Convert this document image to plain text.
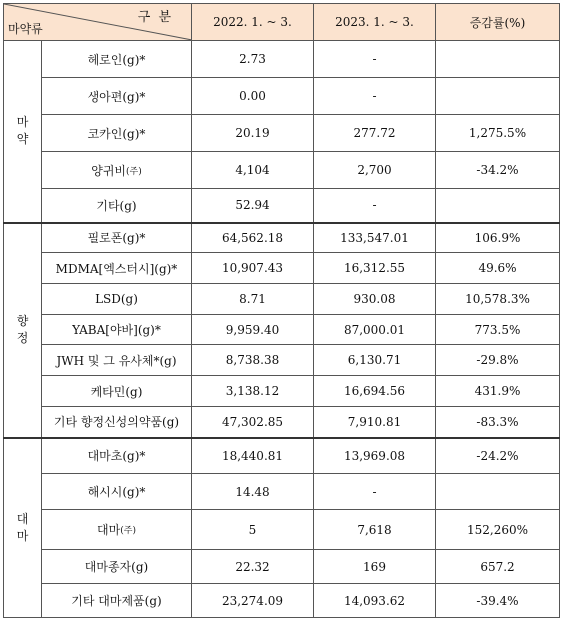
구 분
마약류		2022. 1. ~ 3.	2023. 1. ~ 3.	증감률(%)

마
약	헤로인(g)*	2.73	-	
	생아편(g)*	0.00	-	
	코카인(g)*	20.19	277.72	1,275.5%
	양귀비(주)	4,104	2,700	-34.2%
	기타(g)	52.94	-	

향
정	필로폰(g)*	64,562.18	133,547.01	106.9%
	MDMA[엑스터시](g)*	10,907.43	16,312.55	49.6%
	LSD(g)	8.71	930.08	10,578.3%
	YABA[야바](g)*	9,959.40	87,000.01	773.5%
	JWH 및 그 유사체*(g)	8,738.38	6,130.71	-29.8%
	케타민(g)	3,138.12	16,694.56	431.9%
	기타 향정신성의약품(g)	47,302.85	7,910.81	-83.3%

대
마	대마초(g)*	18,440.81	13,969.08	-24.2%
	해시시(g)*	14.48	-	
	대마(주)	5	7,618	152,260%
	대마종자(g)	22.32	169	657.2
	기타 대마제품(g)	23,274.09	14,093.62	-39.4%
